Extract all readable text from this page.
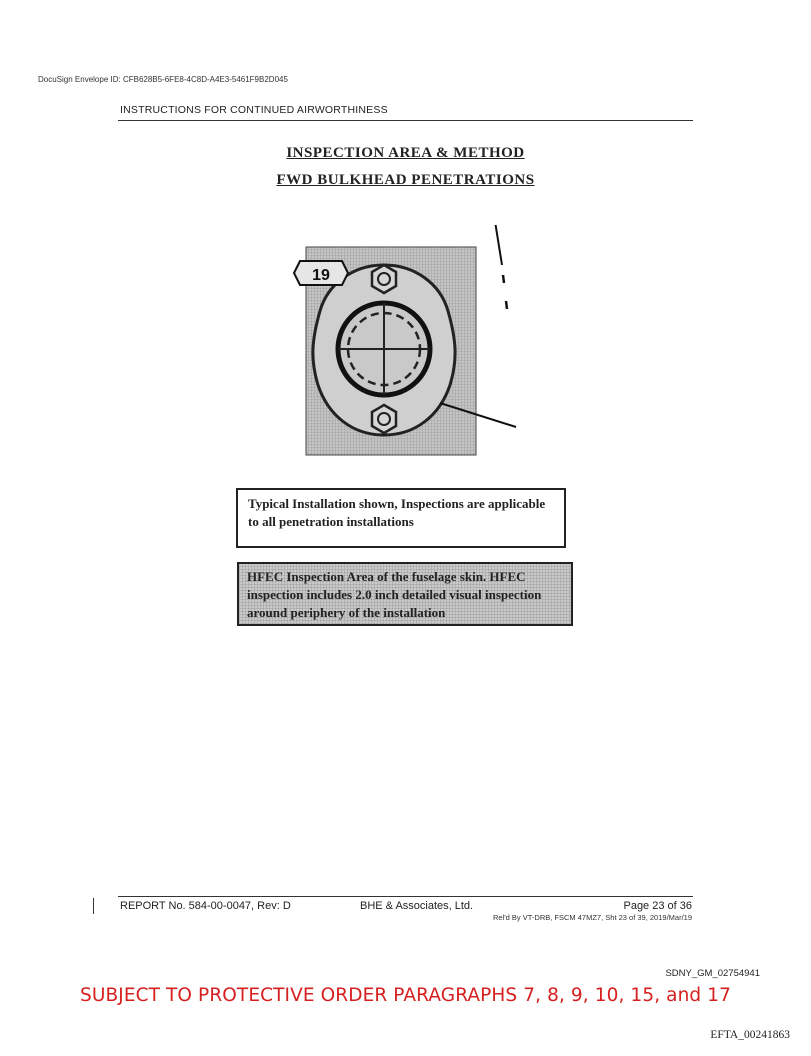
DocuSign Envelope ID: CFB628B5-6FE8-4C8D-A4E3-5461F9B2D045
INSTRUCTIONS FOR CONTINUED AIRWORTHINESS
INSPECTION AREA & METHOD
FWD BULKHEAD PENETRATIONS
19
Typical Installation shown, Inspections are applicable to all penetration installations
HFEC Inspection Area of the fuselage skin. HFEC inspection includes 2.0 inch detailed visual inspection around periphery of the installation
REPORT No. 584-00-0047, Rev: D	BHE & Associates, Ltd.	Page 23 of 36
Rel'd By VT-DRB, FSCM 47MZ7, Sht 23 of 39, 2019/Mar/19
SDNY_GM_02754941
SUBJECT TO PROTECTIVE ORDER PARAGRAPHS 7, 8, 9, 10, 15, and 17
EFTA_00241863
